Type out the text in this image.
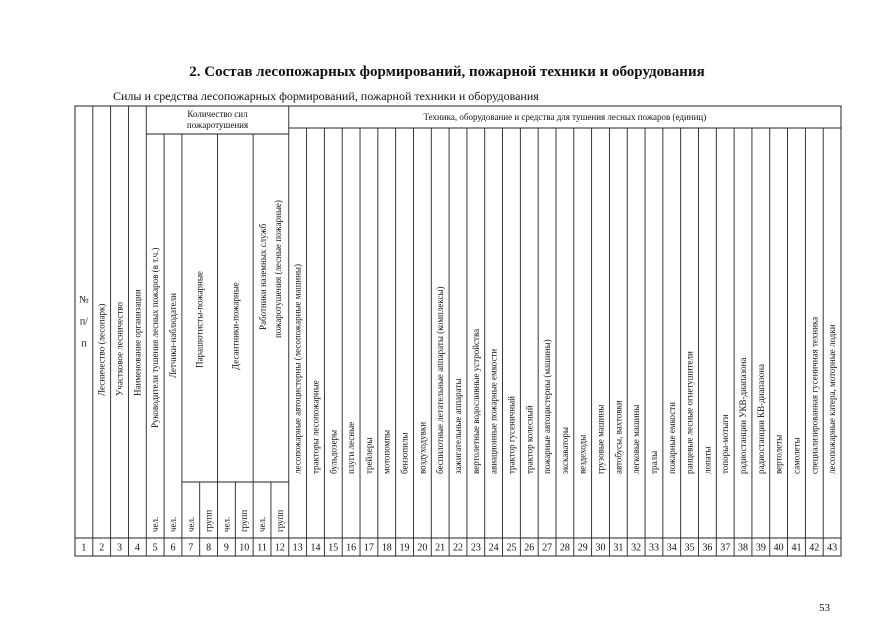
2. Состав лесопожарных формирований, пожарной техники и оборудования
Силы и средства лесопожарных формирований, пожарной техники и оборудования
Количество сил
пожаротушения
Техника, оборудование и средства для тушения лесных пожаров (единиц)
№
п/
п Лесничество (лесопарк) Участковое лесничество Наименование организации Руководители тушения лесных пожаров (в т.ч.) Летчики-наблюдатели Парашютисты-пожарные	Десантники-пожарные Работники наземных служб пожаротушения (лесные пожарные)
чел. чел. чел. групп чел. групп чел. групп
лесопожарные автоцистерны (лесопожарные машины) тракторы лесопожарные бульдозеры плуги лесные трейлеры мотопомпы бензопилы воздуходувки беспилотные летательные аппараты (комплексы) зажигательные аппараты вертолетные водосливные устройства авиационные пожарные емкости трактор гусеничный трактор колесный пожарные автоцистерны (машины) экскаваторы вездеходы грузовые машины автобусы, вахтовки легковые машины тралы пожарные емкости ранцевые лесные огнетушители лопаты топоры-мотыги радиостанции УКВ-диапазона радиостанции КВ-диапазона вертолеты самолеты специализированная гусеничная техника лесопожарные катера, моторные лодки
1 2 3 4 5 6 7 8 9 10 11 12 13 14 15 16 17 18 19 20 21 22 23 24 25 26 27 28 29 30 31 32 33 34 35 36 37 38 39 40 41 42 43
53
